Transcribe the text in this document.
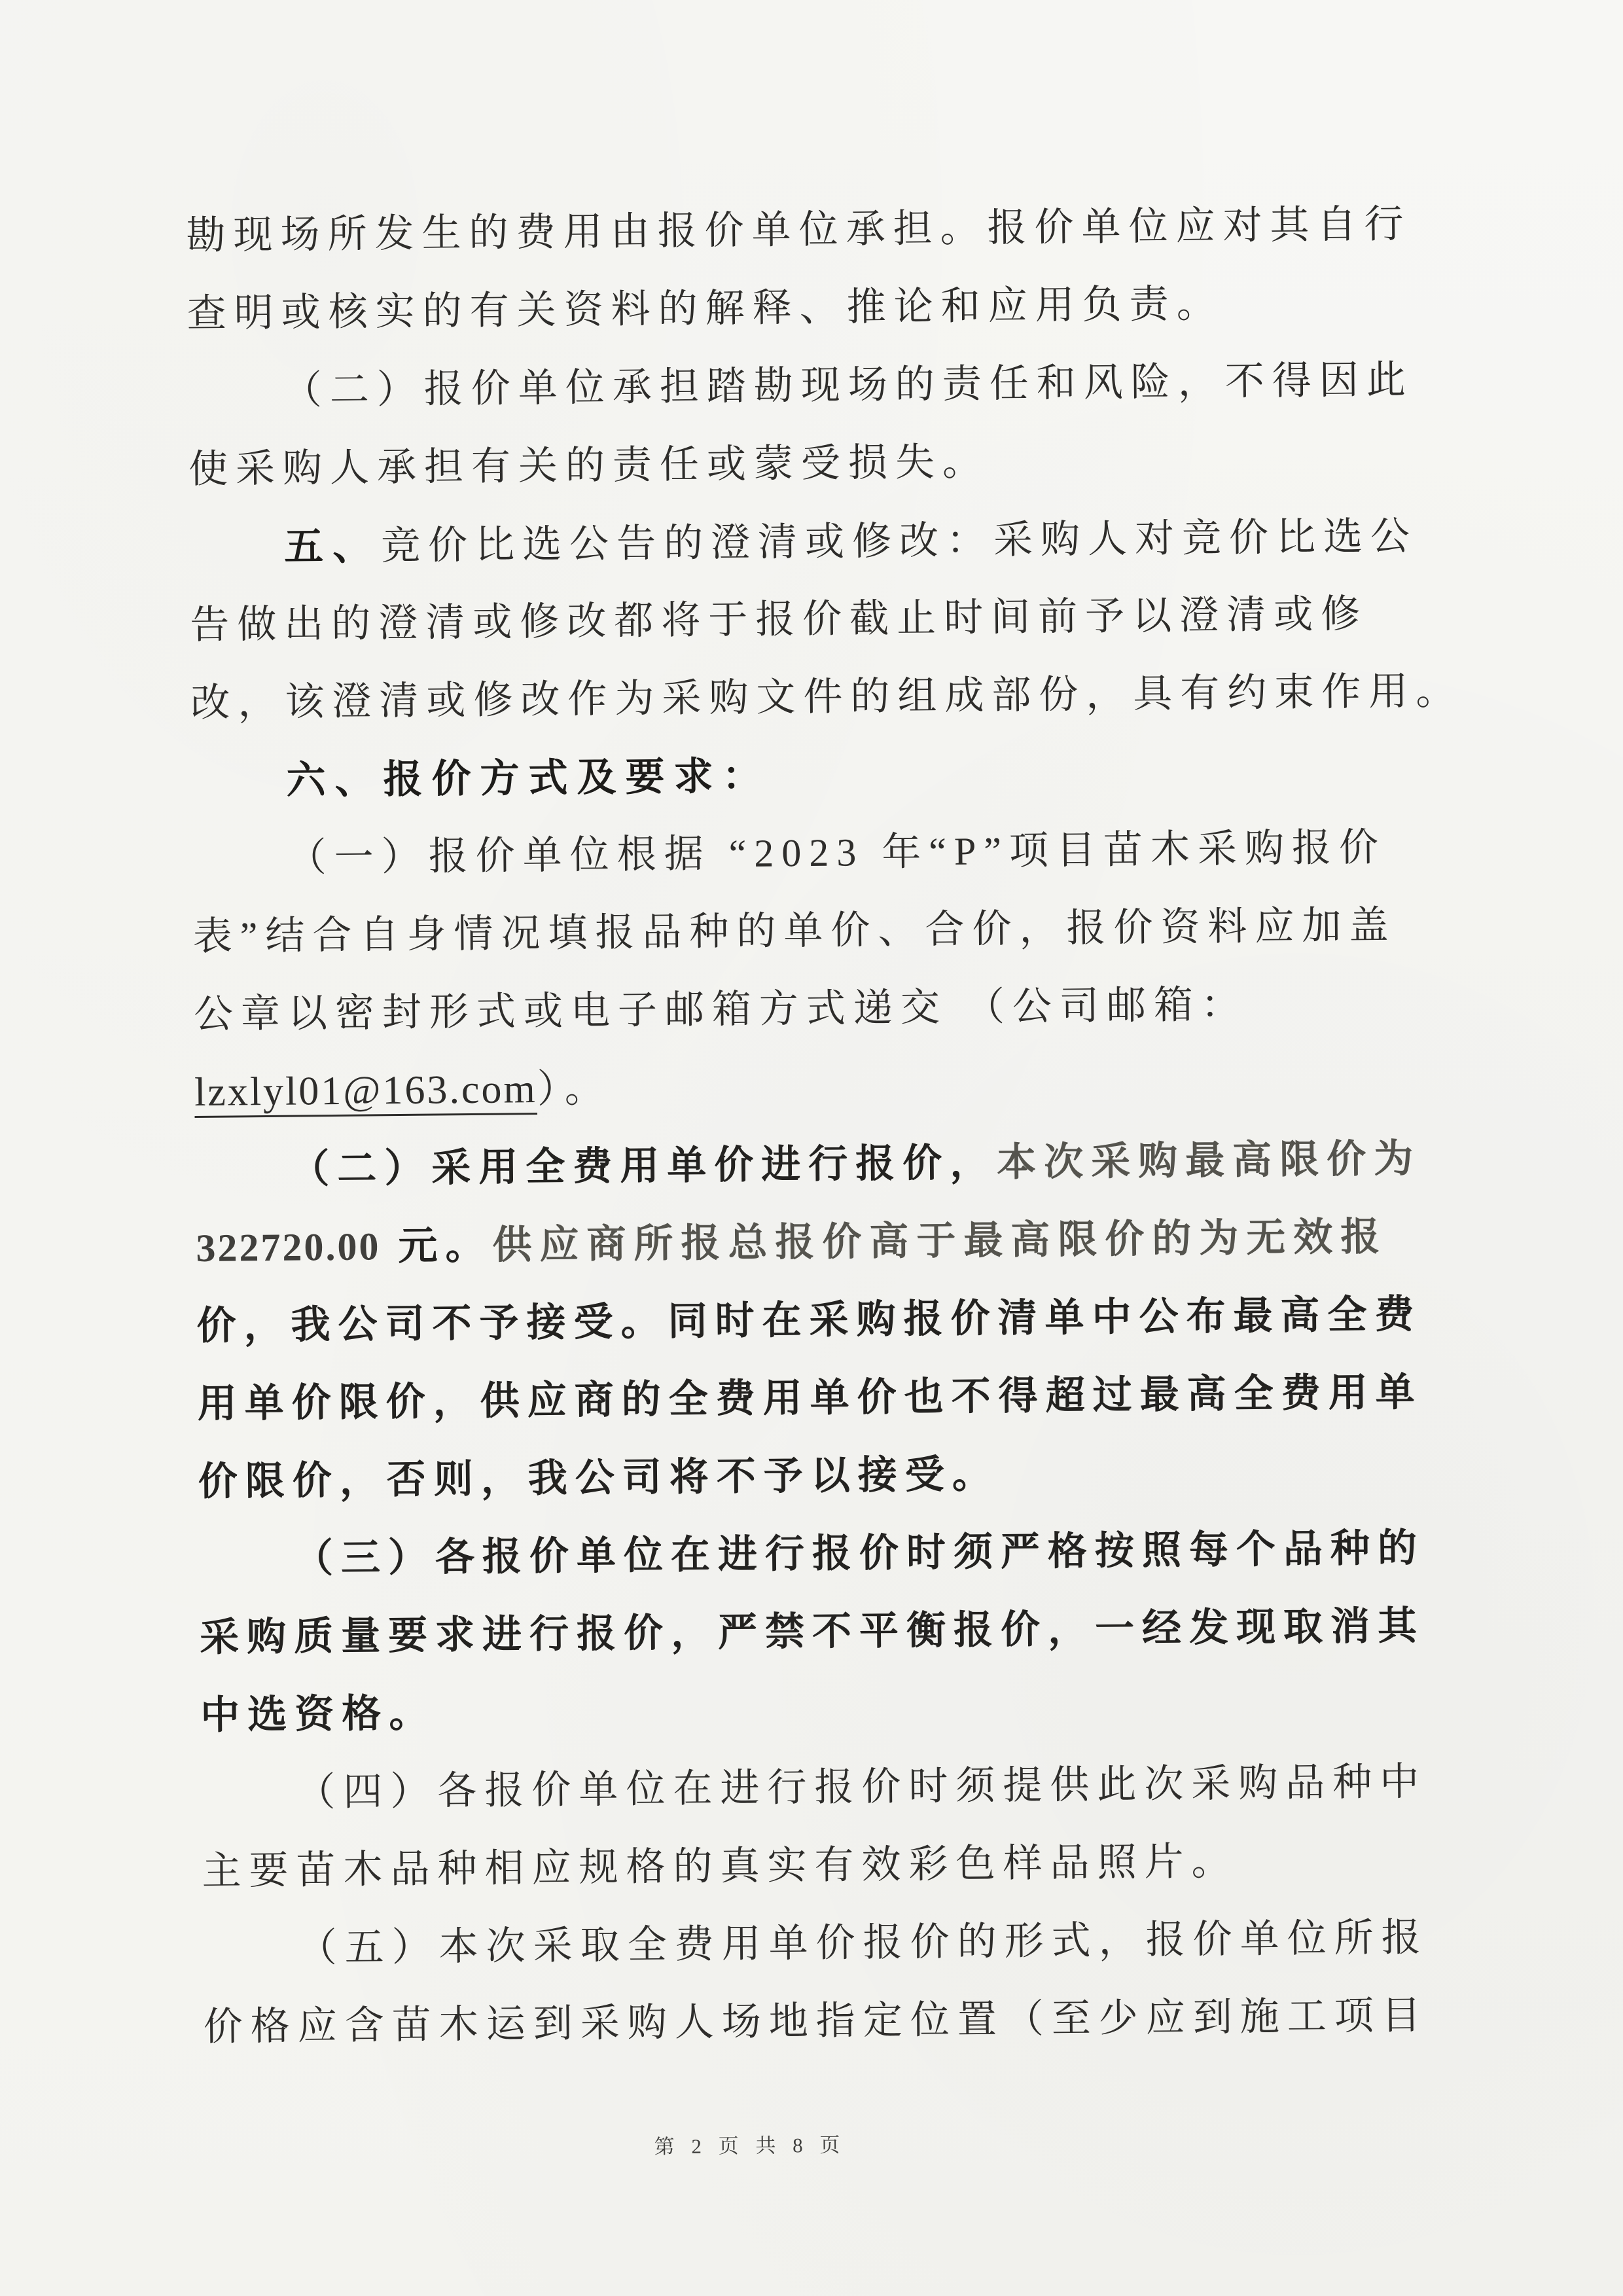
勘现场所发生的费用由报价单位承担。报价单位应对其自行
查明或核实的有关资料的解释、推论和应用负责。
（二）报价单位承担踏勘现场的责任和风险，不得因此
使采购人承担有关的责任或蒙受损失。
五、竞价比选公告的澄清或修改：采购人对竞价比选公
告做出的澄清或修改都将于报价截止时间前予以澄清或修
改，该澄清或修改作为采购文件的组成部份，具有约束作用。
六、报价方式及要求：
（一）报价单位根据 “2023 年“P”项目苗木采购报价
表”结合自身情况填报品种的单价、合价，报价资料应加盖
公章以密封形式或电子邮箱方式递交 （公司邮箱：
lzxlyl01@163.com）。
（二）采用全费用单价进行报价，本次采购最高限价为
322720.00 元。供应商所报总报价高于最高限价的为无效报
价，我公司不予接受。同时在采购报价清单中公布最高全费
用单价限价，供应商的全费用单价也不得超过最高全费用单
价限价，否则，我公司将不予以接受。
（三）各报价单位在进行报价时须严格按照每个品种的
采购质量要求进行报价，严禁不平衡报价，一经发现取消其
中选资格。
（四）各报价单位在进行报价时须提供此次采购品种中
主要苗木品种相应规格的真实有效彩色样品照片。
（五）本次采取全费用单价报价的形式，报价单位所报
价格应含苗木运到采购人场地指定位置（至少应到施工项目
第 2 页 共 8 页
